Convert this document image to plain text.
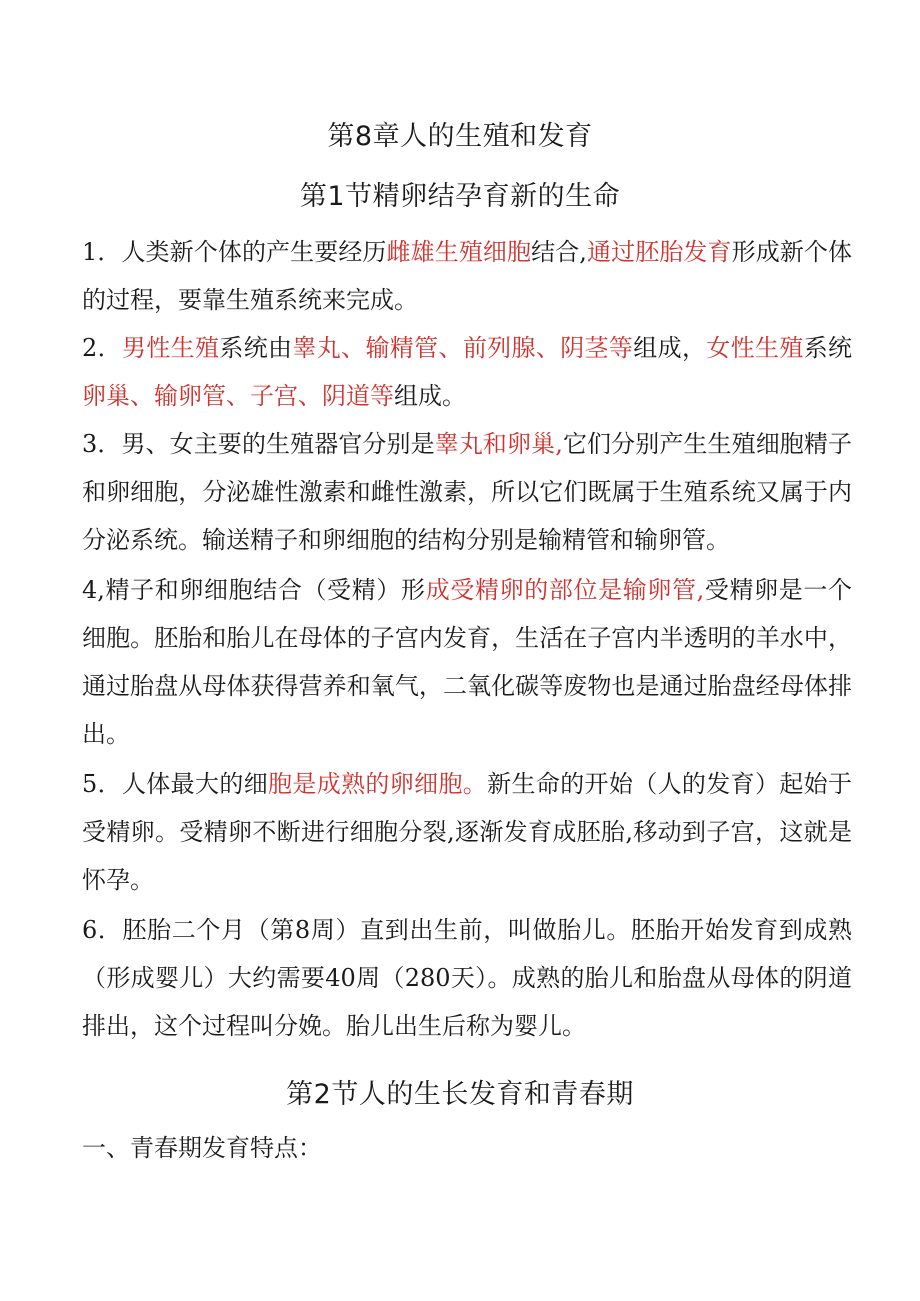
第8章人的生殖和发育
第1节精卵结孕育新的生命

1．人类新个体的产生要经历雌雄生殖细胞结合,通过胚胎发育形成新个体的过程，要靠生殖系统来完成。

2．男性生殖系统由睾丸、输精管、前列腺、阴茎等组成，女性生殖系统卵巢、输卵管、子宫、阴道等组成。

3．男、女主要的生殖器官分别是睾丸和卵巢,它们分别产生生殖细胞精子和卵细胞，分泌雄性激素和雌性激素，所以它们既属于生殖系统又属于内分泌系统。输送精子和卵细胞的结构分别是输精管和输卵管。

4,精子和卵细胞结合（受精）形成受精卵的部位是输卵管,受精卵是一个细胞。胚胎和胎儿在母体的子宫内发育，生活在子宫内半透明的羊水中，通过胎盘从母体获得营养和氧气，二氧化碳等废物也是通过胎盘经母体排出。

5．人体最大的细胞是成熟的卵细胞。新生命的开始（人的发育）起始于受精卵。受精卵不断进行细胞分裂,逐渐发育成胚胎,移动到子宫，这就是怀孕。

6．胚胎二个月（第8周）直到出生前，叫做胎儿。胚胎开始发育到成熟（形成婴儿）大约需要40周（280天）。成熟的胎儿和胎盘从母体的阴道排出，这个过程叫分娩。胎儿出生后称为婴儿。

第2节人的生长发育和青春期

一、青春期发育特点：
